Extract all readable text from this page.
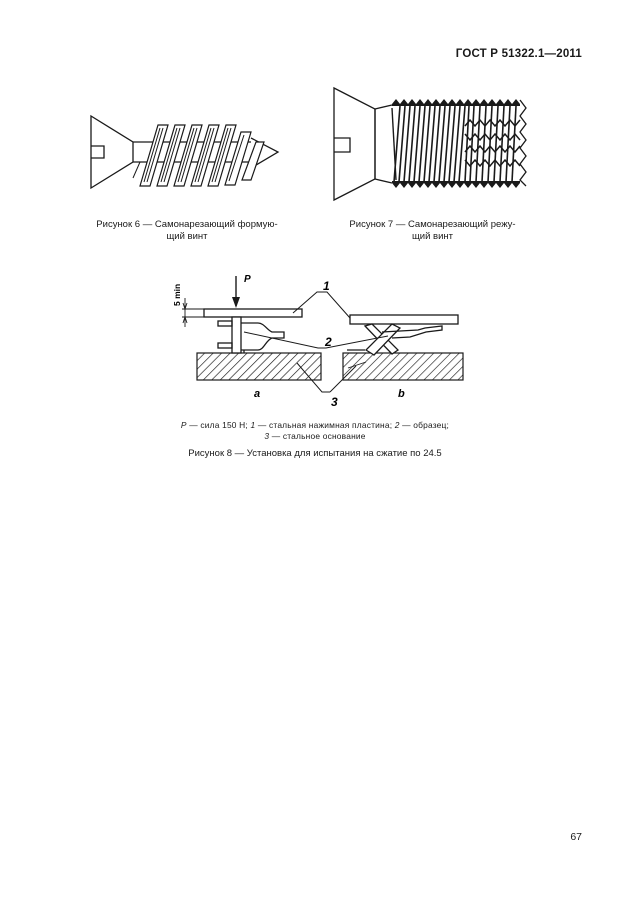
ГОСТ Р 51322.1—2011
Рисунок 6 — Самонарезающий формую-
щий винт
Рисунок 7 — Самонарезающий режу-
щий винт
P
5 min	1
2
3
a	b
P — сила 150 Н; 1 — стальная нажимная пластина; 2 — образец;
3 — стальное основание
Рисунок 8 — Установка для испытания на сжатие по 24.5
67
